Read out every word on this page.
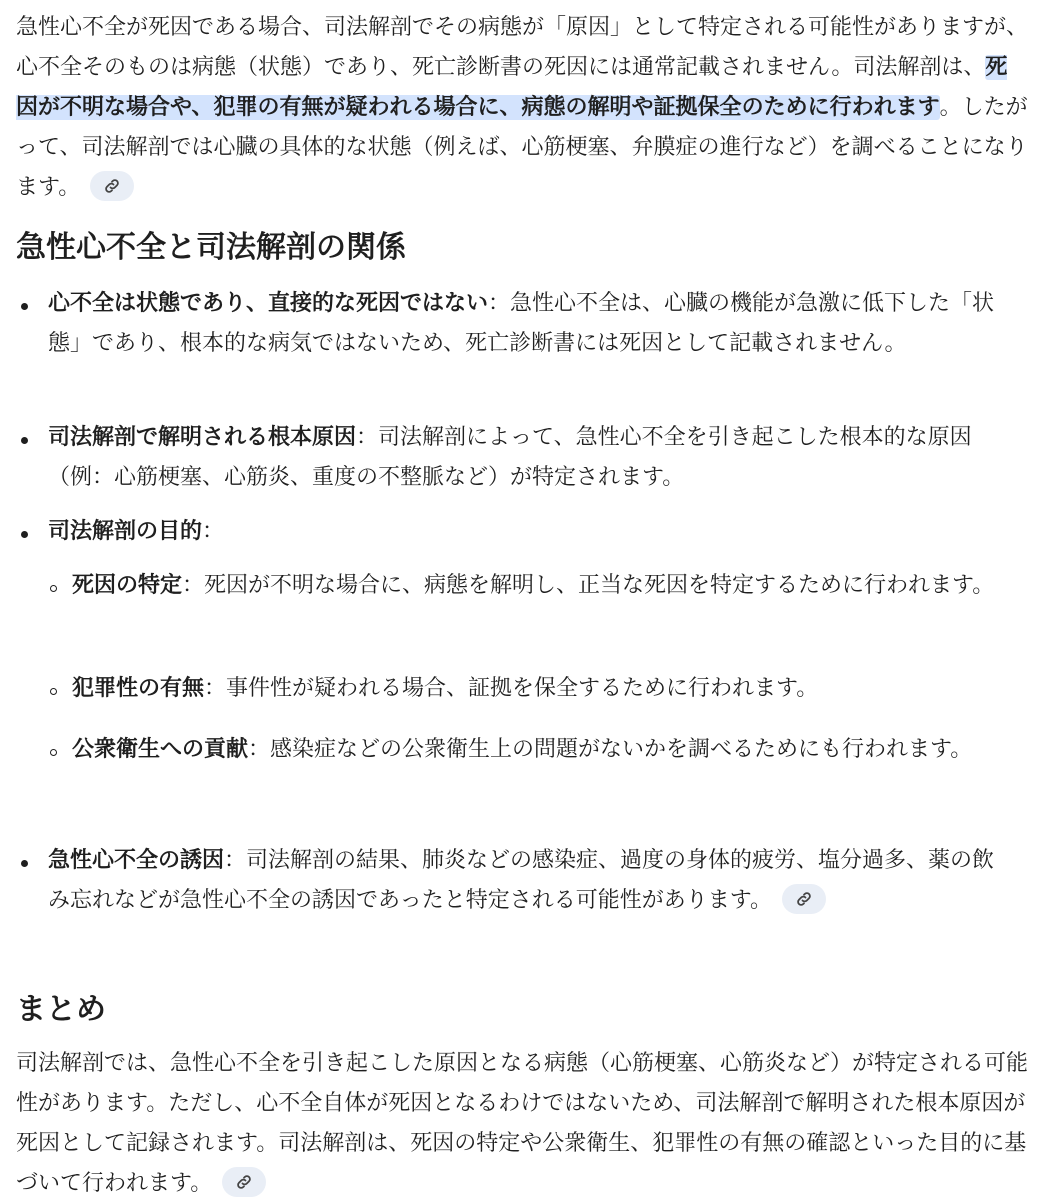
急性心不全が死因である場合、司法解剖でその病態が「原因」として特定される可能性がありますが、心不全そのものは病態（状態）であり、死亡診断書の死因には通常記載されません。司法解剖は、死因が不明な場合や、犯罪の有無が疑われる場合に、病態の解明や証拠保全のために行われます。したがって、司法解剖では心臓の具体的な状態（例えば、心筋梗塞、弁膜症の進行など）を調べることになります。

急性心不全と司法解剖の関係

心不全は状態であり、直接的な死因ではない：急性心不全は、心臓の機能が急激に低下した「状態」であり、根本的な病気ではないため、死亡診断書には死因として記載されません。

司法解剖で解明される根本原因：司法解剖によって、急性心不全を引き起こした根本的な原因（例：心筋梗塞、心筋炎、重度の不整脈など）が特定されます。

司法解剖の目的：

死因の特定：死因が不明な場合に、病態を解明し、正当な死因を特定するために行われます。

犯罪性の有無：事件性が疑われる場合、証拠を保全するために行われます。

公衆衛生への貢献：感染症などの公衆衛生上の問題がないかを調べるためにも行われます。

急性心不全の誘因：司法解剖の結果、肺炎などの感染症、過度の身体的疲労、塩分過多、薬の飲み忘れなどが急性心不全の誘因であったと特定される可能性があります。

まとめ

司法解剖では、急性心不全を引き起こした原因となる病態（心筋梗塞、心筋炎など）が特定される可能性があります。ただし、心不全自体が死因となるわけではないため、司法解剖で解明された根本原因が死因として記録されます。司法解剖は、死因の特定や公衆衛生、犯罪性の有無の確認といった目的に基づいて行われます。
